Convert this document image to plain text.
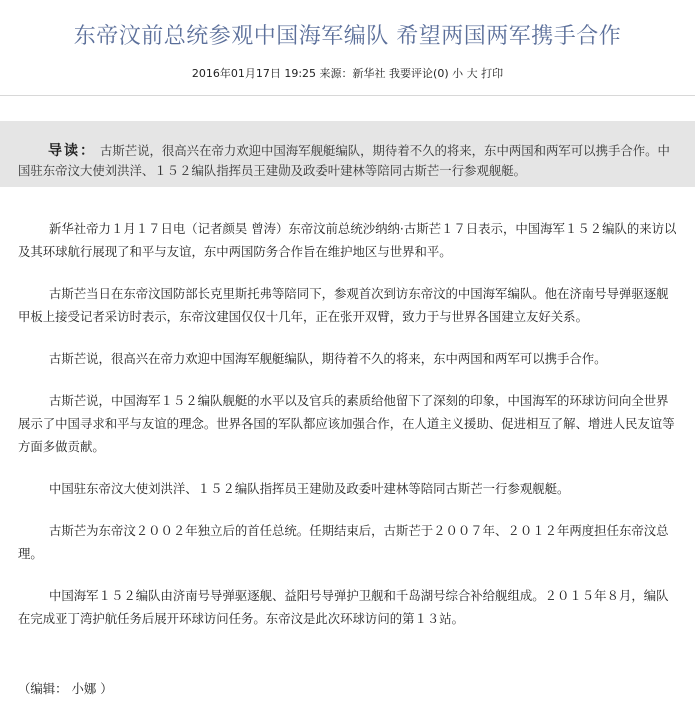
东帝汶前总统参观中国海军编队 希望两国两军携手合作
2016年01月17日 19:25 来源：新华社 我要评论(0) 小 大 打印

导读： 古斯芒说，很高兴在帝力欢迎中国海军舰艇编队，期待着不久的将来，东中两国和两军可以携手合作。中国驻东帝汶大使刘洪洋、１５２编队指挥员王建勋及政委叶建林等陪同古斯芒一行参观舰艇。

新华社帝力１月１７日电（记者颜昊 曾涛）东帝汶前总统沙纳纳·古斯芒１７日表示，中国海军１５２编队的来访以及其环球航行展现了和平与友谊，东中两国防务合作旨在维护地区与世界和平。

古斯芒当日在东帝汶国防部长克里斯托弗等陪同下，参观首次到访东帝汶的中国海军编队。他在济南号导弹驱逐舰甲板上接受记者采访时表示，东帝汶建国仅仅十几年，正在张开双臂，致力于与世界各国建立友好关系。

古斯芒说，很高兴在帝力欢迎中国海军舰艇编队，期待着不久的将来，东中两国和两军可以携手合作。

古斯芒说，中国海军１５２编队舰艇的水平以及官兵的素质给他留下了深刻的印象，中国海军的环球访问向全世界展示了中国寻求和平与友谊的理念。世界各国的军队都应该加强合作，在人道主义援助、促进相互了解、增进人民友谊等方面多做贡献。

中国驻东帝汶大使刘洪洋、１５２编队指挥员王建勋及政委叶建林等陪同古斯芒一行参观舰艇。

古斯芒为东帝汶２００２年独立后的首任总统。任期结束后，古斯芒于２００７年、２０１２年两度担任东帝汶总理。

中国海军１５２编队由济南号导弹驱逐舰、益阳号导弹护卫舰和千岛湖号综合补给舰组成。２０１５年８月，编队在完成亚丁湾护航任务后展开环球访问任务。东帝汶是此次环球访问的第１３站。

（编辑： 小娜 ）
